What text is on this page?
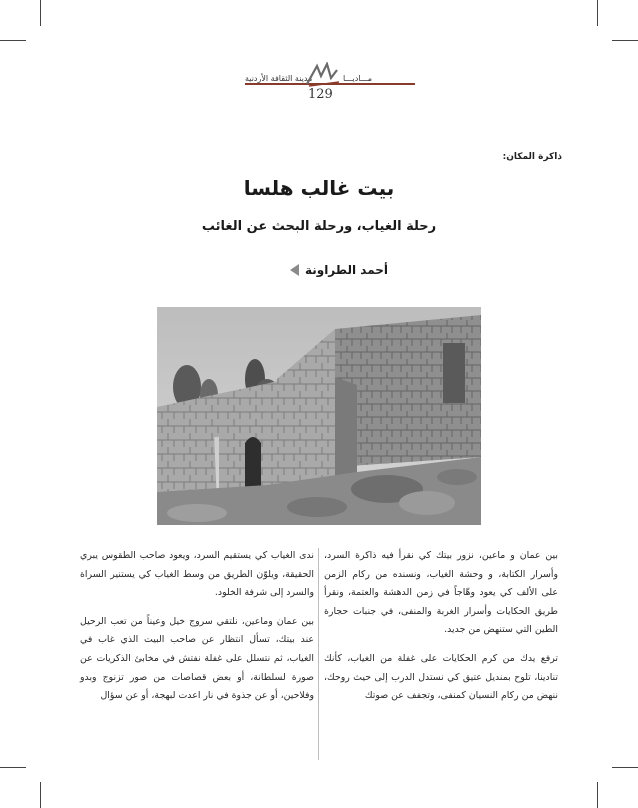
مدينة الثقافة الأردنية	مـــاديـــا
129
ذاكرة المكان:
بيت غالب هلسا
رحلة الغياب، ورحلة البحث عن الغائب
أحمد الطراونة

بين عمان و ماعين، نزور بيتك كي نقرأ فيه ذاكرة السرد، وأسرار الكتابة، و وحشة الغياب، ونسنده من ركام الزمن على الألف كي يعود وهّاجاً في زمن الدهشة والعتمة، ونقرأ طريق الحكايات وأسرار الغربة والمنفى، في جنبات حجارة الطين التي ستنهض من جديد.

ترفع يدك من كرم الحكايات على غفلة من الغياب، كأنك تنادينا، تلوح بمنديل عتيق كي نستدل الدرب إلى حيث روحك، ننهض من ركام النسيان كمنفى، وتجفف عن صوتك

ندى الغياب كي يستقيم السرد، ويعود صاحب الطقوس يبري الحقيقة، ويلوّن الطريق من وسط الغياب كي يستنير السراة والسرد إلى شرفة الخلود.

بين عمان وماعين، نلتقي سروج خيل وعيناً من تعب الرحيل عند بيتك، تسأل انتظار عن صاحب البيت الذي غاب في الغياب، ثم نتسلل على غفلة نفتش في مخابئ الذكريات عن صورة لسلطانة، أو بعض قصاصات من صور تزنوج وبدو وفلاحين، أو عن جذوة في نار اعدت لبهجة، أو عن سؤال
